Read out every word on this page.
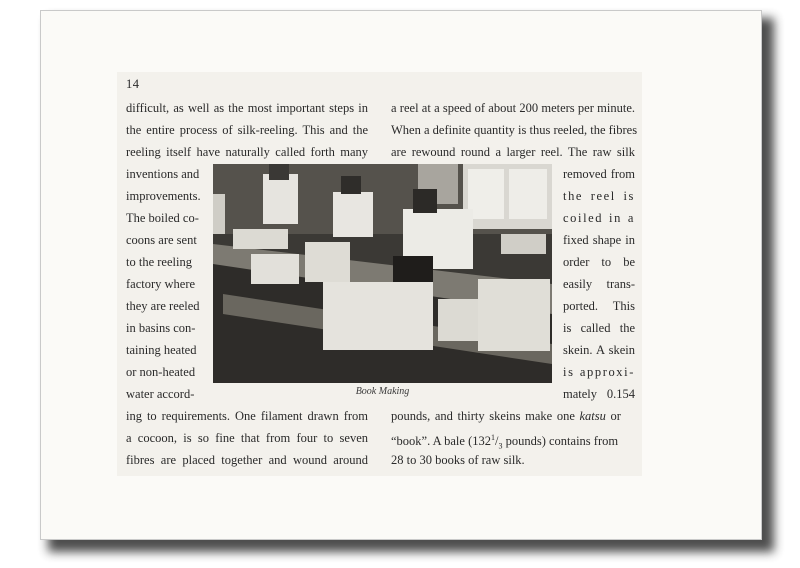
14
difficult, as well as the most important steps in
the entire process of silk-reeling. This and the
reeling itself have naturally called forth many
inventions and
improvements.
The boiled co-
coons are sent
to the reeling
factory where
they are reeled
in basins con-
taining heated
or non-heated
water accord-
ing to requirements. One filament drawn from
a cocoon, is so fine that from four to seven
fibres are placed together and wound around
a reel at a speed of about 200 meters per minute.
When a definite quantity is thus reeled, the fibres
are rewound round a larger reel. The raw silk
removed from
the reel is
coiled in a
fixed shape in
order to be
easily trans-
ported. This
is called the
skein. A skein
is approxi-
mately 0.154
pounds, and thirty skeins make one katsu or
“book”. A bale ($132^1/_3$ pounds) contains from
28 to 30 books of raw silk.
Book Making
